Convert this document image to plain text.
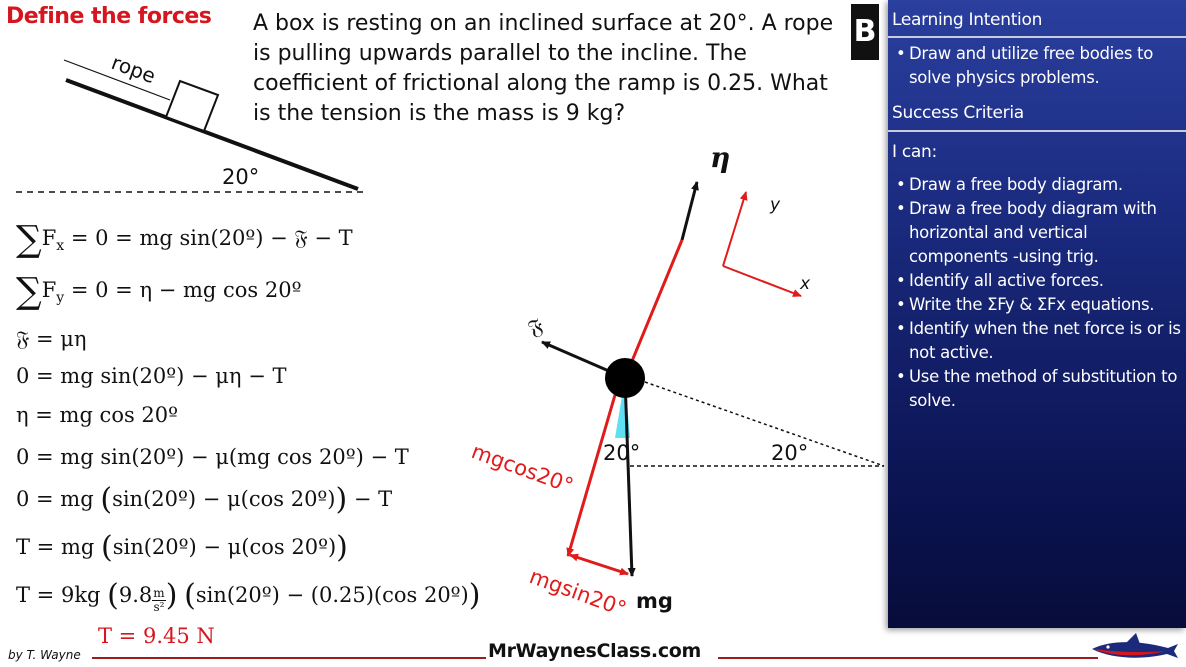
Define the forces A box is resting on an inclined surface at 20°. A rope is pulling upwards parallel to the incline. The coefficient of frictional along the ramp is 0.25. What is the tension is the mass is 9 kg?
rope
20°
η
𝔉
mg
mgcos20°
mgsin20°
20°	20°
x
y
$\sum F_x = 0$ = mg sin(20º) − 𝔉 − T
$\sum F_y = 0 = \eta$ − mg cos 20º
𝔉 = μη
0 = mg sin(20º) − μη − T
η = mg cos 20º
0 = mg sin(20º) − μ(mg cos 20º) − T
0 = mg (sin(20º) − μ(cos 20º)) − T
T = mg (sin(20º) − μ(cos 20º))
T = 9kg ($9.8 \frac{m}{\text{s²}}$ ) (sin(20º) − (0.25)(cos 20º))
T = 9.45 N
by T. Wayne	MrWaynesClass.com
B Learning Intention
• Draw and utilize free bodies to solve physics problems.
Success Criteria
I can:
• Draw a free body diagram.
• Draw a free body diagram with horizontal and vertical components -using trig.
• Identify all active forces.
• Write the ΣFy & ΣFx equations.
• Identify when the net force is or is not active.
• Use the method of substitution to solve.
